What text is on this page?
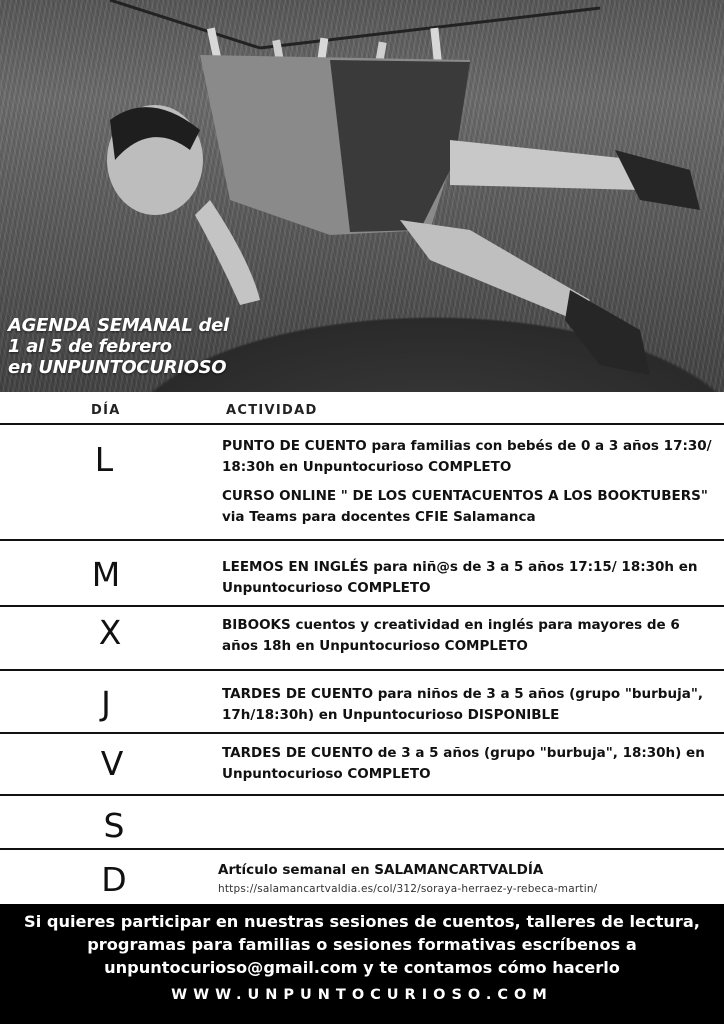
AGENDA SEMANAL del
1 al 5 de febrero
en UNPUNTOCURIOSO
DÍA	ACTIVIDAD
L	PUNTO DE CUENTO para familias con bebés de 0 a 3 años 17:30/ 18:30h en Unpuntocurioso COMPLETO
CURSO ONLINE " DE LOS CUENTACUENTOS A LOS BOOKTUBERS" via Teams para docentes CFIE Salamanca
M	LEEMOS EN INGLÉS para niñ@s de 3 a 5 años 17:15/ 18:30h en Unpuntocurioso COMPLETO
X	BIBOOKS cuentos y creatividad en inglés para mayores de 6 años 18h en Unpuntocurioso COMPLETO
J	TARDES DE CUENTO para niños de 3 a 5 años (grupo "burbuja", 17h/18:30h) en Unpuntocurioso DISPONIBLE
V	TARDES DE CUENTO de 3 a 5 años (grupo "burbuja", 18:30h) en Unpuntocurioso COMPLETO
S
D	Artículo semanal en SALAMANCARTVALDÍA
https://salamancartvaldia.es/col/312/soraya-herraez-y-rebeca-martin/
Si quieres participar en nuestras sesiones de cuentos, talleres de lectura, programas para familias o sesiones formativas escríbenos a unpuntocurioso@gmail.com y te contamos cómo hacerlo
WWW.UNPUNTOCURIOSO.COM
